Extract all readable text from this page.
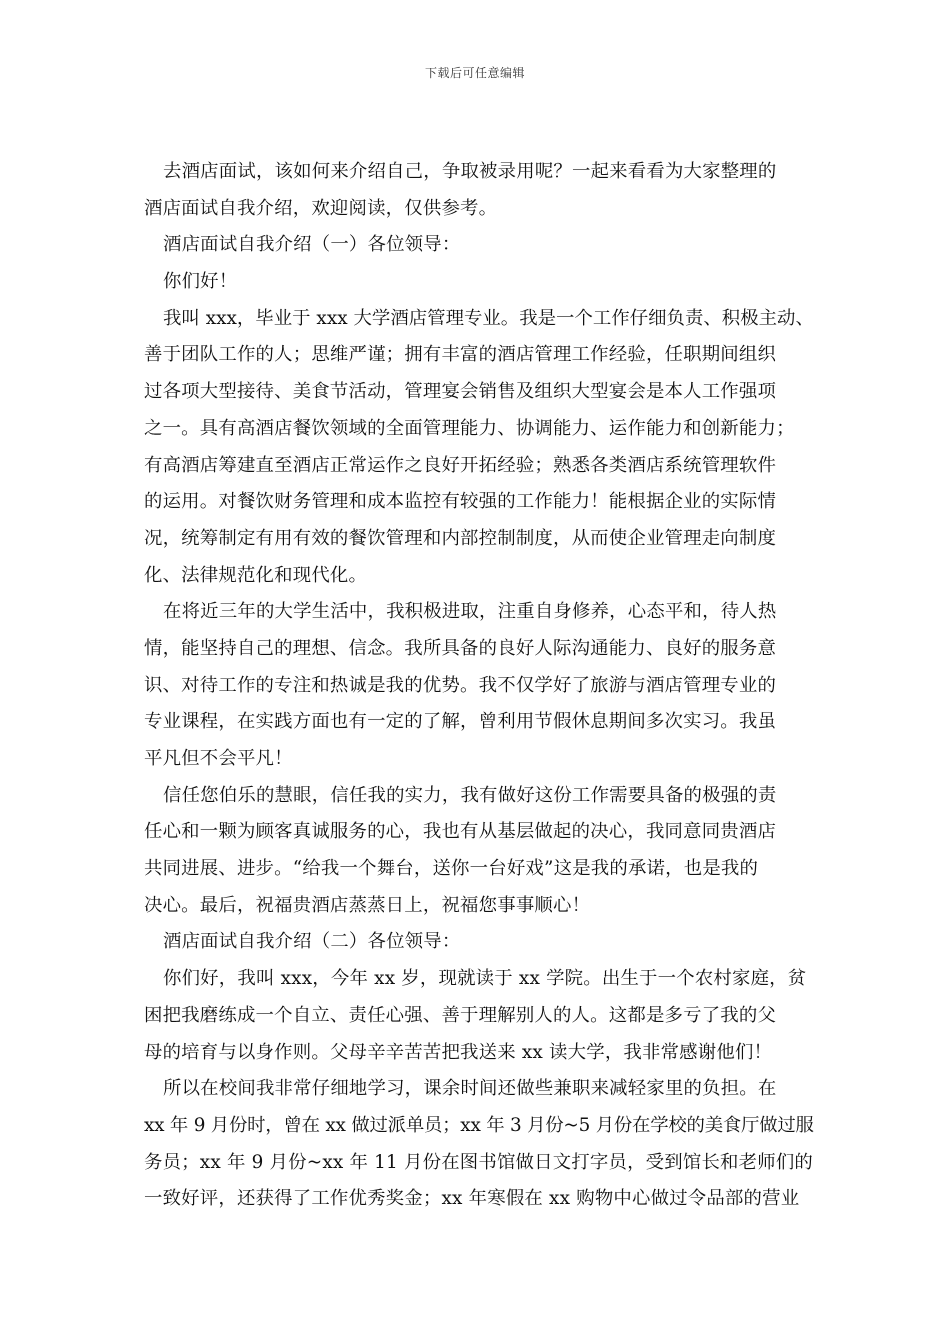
下载后可任意编辑
去酒店面试，该如何来介绍自己，争取被录用呢？一起来看看为大家整理的
酒店面试自我介绍，欢迎阅读，仅供参考。
酒店面试自我介绍（一）各位领导：
你们好！
我叫 xxx，毕业于 xxx 大学酒店管理专业。我是一个工作仔细负责、积极主动、
善于团队工作的人；思维严谨；拥有丰富的酒店管理工作经验，任职期间组织
过各项大型接待、美食节活动，管理宴会销售及组织大型宴会是本人工作强项
之一。具有高酒店餐饮领域的全面管理能力、协调能力、运作能力和创新能力；
有高酒店筹建直至酒店正常运作之良好开拓经验；熟悉各类酒店系统管理软件
的运用。对餐饮财务管理和成本监控有较强的工作能力！能根据企业的实际情
况，统筹制定有用有效的餐饮管理和内部控制制度，从而使企业管理走向制度
化、法律规范化和现代化。
在将近三年的大学生活中，我积极进取，注重自身修养，心态平和，待人热
情，能坚持自己的理想、信念。我所具备的良好人际沟通能力、良好的服务意
识、对待工作的专注和热诚是我的优势。我不仅学好了旅游与酒店管理专业的
专业课程，在实践方面也有一定的了解，曾利用节假休息期间多次实习。我虽
平凡但不会平凡！
信任您伯乐的慧眼，信任我的实力，我有做好这份工作需要具备的极强的责
任心和一颗为顾客真诚服务的心，我也有从基层做起的决心，我同意同贵酒店
共同进展、进步。“给我一个舞台，送你一台好戏”这是我的承诺，也是我的
决心。最后，祝福贵酒店蒸蒸日上，祝福您事事顺心！
酒店面试自我介绍（二）各位领导：
你们好，我叫 xxx，今年 xx 岁，现就读于 xx 学院。出生于一个农村家庭，贫
困把我磨练成一个自立、责任心强、善于理解别人的人。这都是多亏了我的父
母的培育与以身作则。父母辛辛苦苦把我送来 xx 读大学，我非常感谢他们！
所以在校间我非常仔细地学习，课余时间还做些兼职来减轻家里的负担。在
xx 年 9 月份时，曾在 xx 做过派单员；xx 年 3 月份~5 月份在学校的美食厅做过服
务员；xx 年 9 月份~xx 年 11 月份在图书馆做日文打字员，受到馆长和老师们的
一致好评，还获得了工作优秀奖金；xx 年寒假在 xx 购物中心做过令品部的营业
